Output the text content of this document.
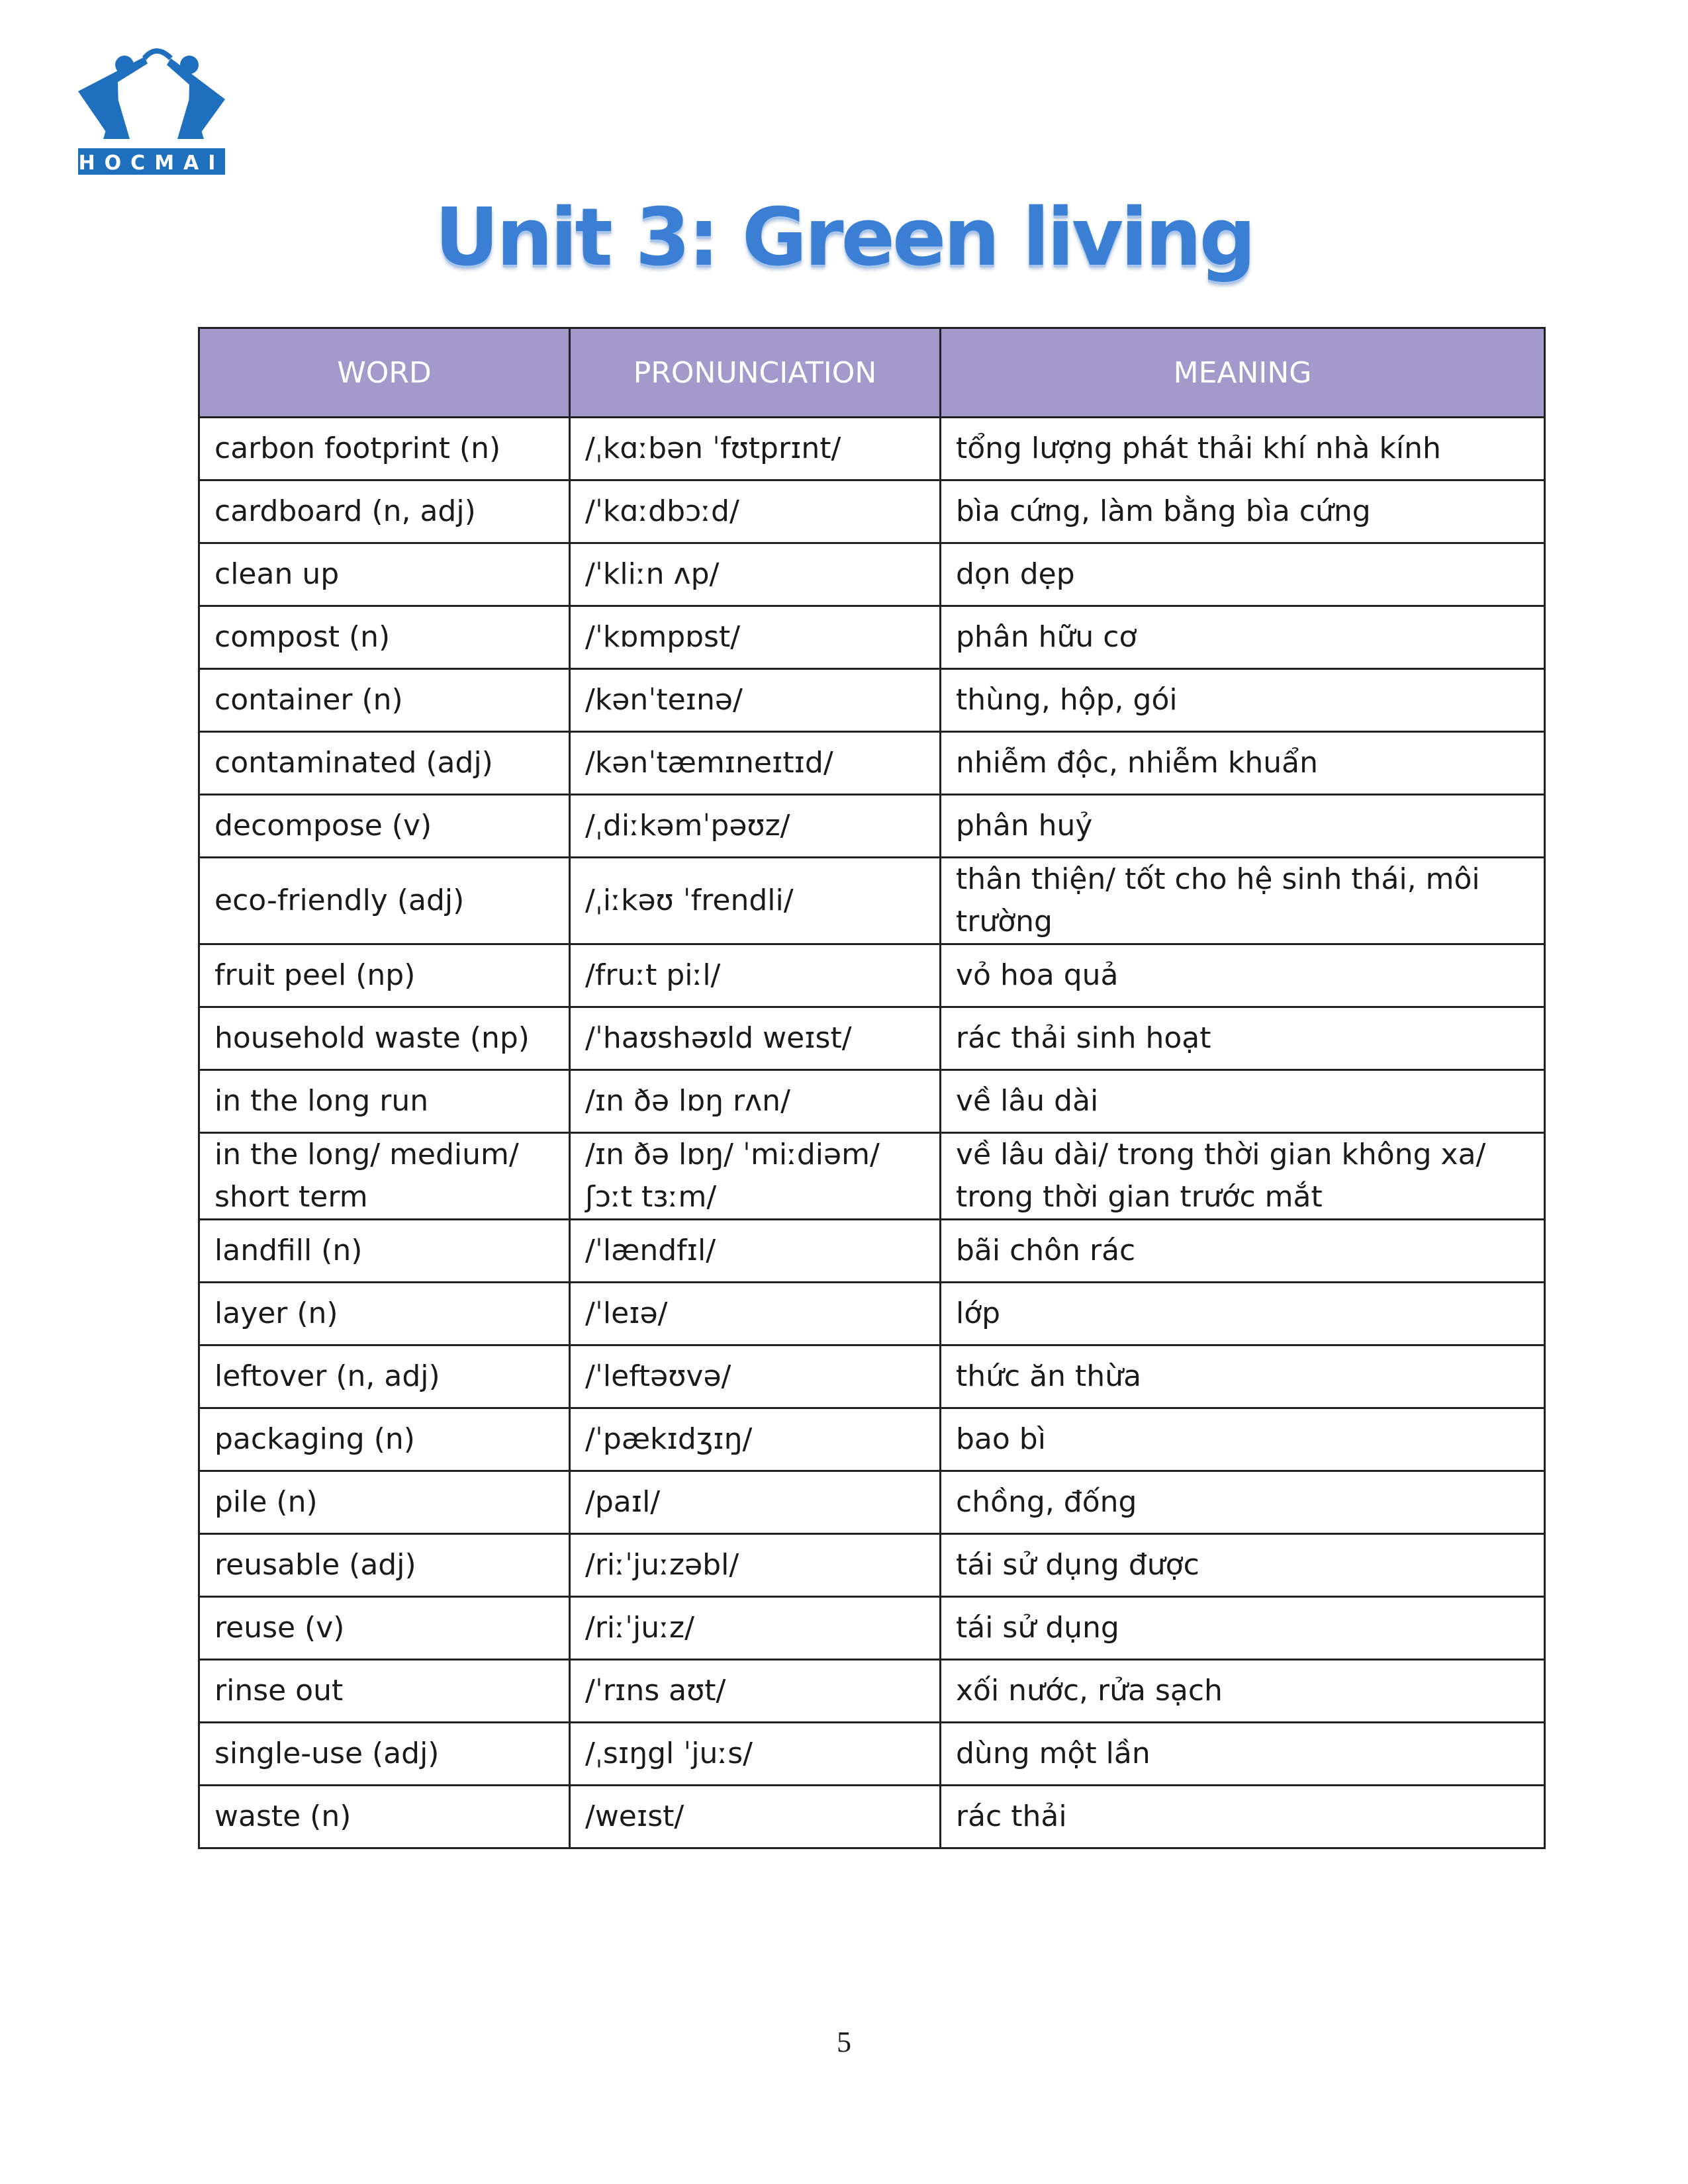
HOCMAI
Unit 3: Green living
WORD	PRONUNCIATION	MEANING
carbon footprint (n)	/ˌkɑːbən ˈfʊtprɪnt/	tổng lượng phát thải khí nhà kính
cardboard (n, adj)	/ˈkɑːdbɔːd/	bìa cứng, làm bằng bìa cứng
clean up	/ˈkliːn ʌp/	dọn dẹp
compost (n)	/ˈkɒmpɒst/	phân hữu cơ
container (n)	/kənˈteɪnə/	thùng, hộp, gói
contaminated (adj)	/kənˈtæmɪneɪtɪd/	nhiễm độc, nhiễm khuẩn
decompose (v)	/ˌdiːkəmˈpəʊz/	phân huỷ
eco-friendly (adj)	/ˌiːkəʊ ˈfrendli/	thân thiện/ tốt cho hệ sinh thái, môi trường
fruit peel (np)	/fruːt piːl/	vỏ hoa quả
household waste (np)	/ˈhaʊshəʊld weɪst/	rác thải sinh hoạt
in the long run	/ɪn ðə lɒŋ rʌn/	về lâu dài
in the long/ medium/ short term	/ɪn ðə lɒŋ/ ˈmiːdiəm/ ʃɔːt tɜːm/	về lâu dài/ trong thời gian không xa/ trong thời gian trước mắt
landfill (n)	/ˈlændfɪl/	bãi chôn rác
layer (n)	/ˈleɪə/	lớp
leftover (n, adj)	/ˈleftəʊvə/	thức ăn thừa
packaging (n)	/ˈpækɪdʒɪŋ/	bao bì
pile (n)	/paɪl/	chồng, đống
reusable (adj)	/riːˈjuːzəbl/	tái sử dụng được
reuse (v)	/riːˈjuːz/	tái sử dụng
rinse out	/ˈrɪns aʊt/	xối nước, rửa sạch
single-use (adj)	/ˌsɪŋgl ˈjuːs/	dùng một lần
waste (n)	/weɪst/	rác thải
5
